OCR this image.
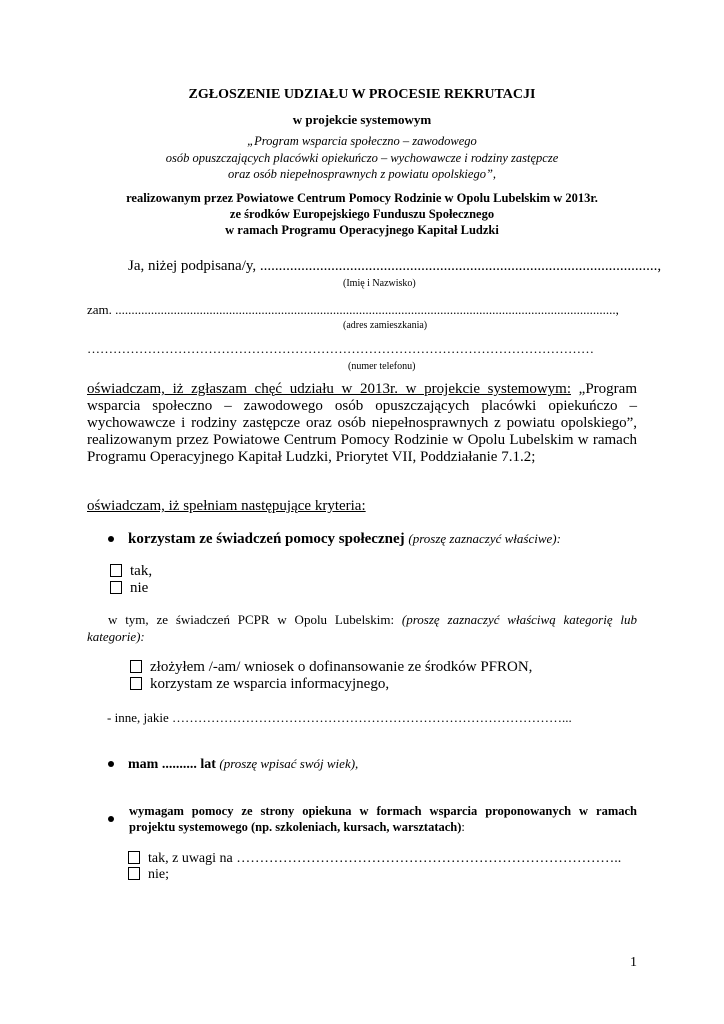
ZGŁOSZENIE UDZIAŁU W PROCESIE REKRUTACJI
w projekcie systemowym
„Program wsparcia społeczno – zawodowego
osób opuszczających placówki opiekuńczo – wychowawcze i rodziny zastępcze
oraz osób niepełnosprawnych z powiatu opolskiego”,
realizowanym przez Powiatowe Centrum Pomocy Rodzinie w Opolu Lubelskim w 2013r.
ze środków Europejskiego Funduszu Społecznego
w ramach Programu Operacyjnego Kapitał Ludzki
Ja, niżej podpisana/y, ..........................................................................................................,
(Imię i Nazwisko)
zam. ..........................................................................................................................................................,
(adres zamieszkania)
………………………………………………………………………………………………………
(numer telefonu)
oświadczam, iż zgłaszam chęć udziału w 2013r. w projekcie systemowym: „Program wsparcia społeczno – zawodowego osób opuszczających placówki opiekuńczo – wychowawcze i rodziny zastępcze oraz osób niepełnosprawnych z powiatu opolskiego”, realizowanym przez Powiatowe Centrum Pomocy Rodzinie w Opolu Lubelskim w ramach Programu Operacyjnego Kapitał Ludzki, Priorytet VII, Poddziałanie 7.1.2;
oświadczam, iż spełniam następujące kryteria:
korzystam ze świadczeń pomocy społecznej (proszę zaznaczyć właściwe):
tak,
nie
w tym, ze świadczeń PCPR w Opolu Lubelskim: (proszę zaznaczyć właściwą kategorię lub kategorie):
złożyłem /-am/ wniosek o dofinansowanie ze środków PFRON,
korzystam ze wsparcia informacyjnego,
- inne, jakie ………………………………………………………………………………...
mam .......... lat (proszę wpisać swój wiek),
wymagam pomocy ze strony opiekuna w formach wsparcia proponowanych w ramach projektu systemowego (np. szkoleniach, kursach, warsztatach):
tak, z uwagi na ………………………………………………………………………..
nie;
1
